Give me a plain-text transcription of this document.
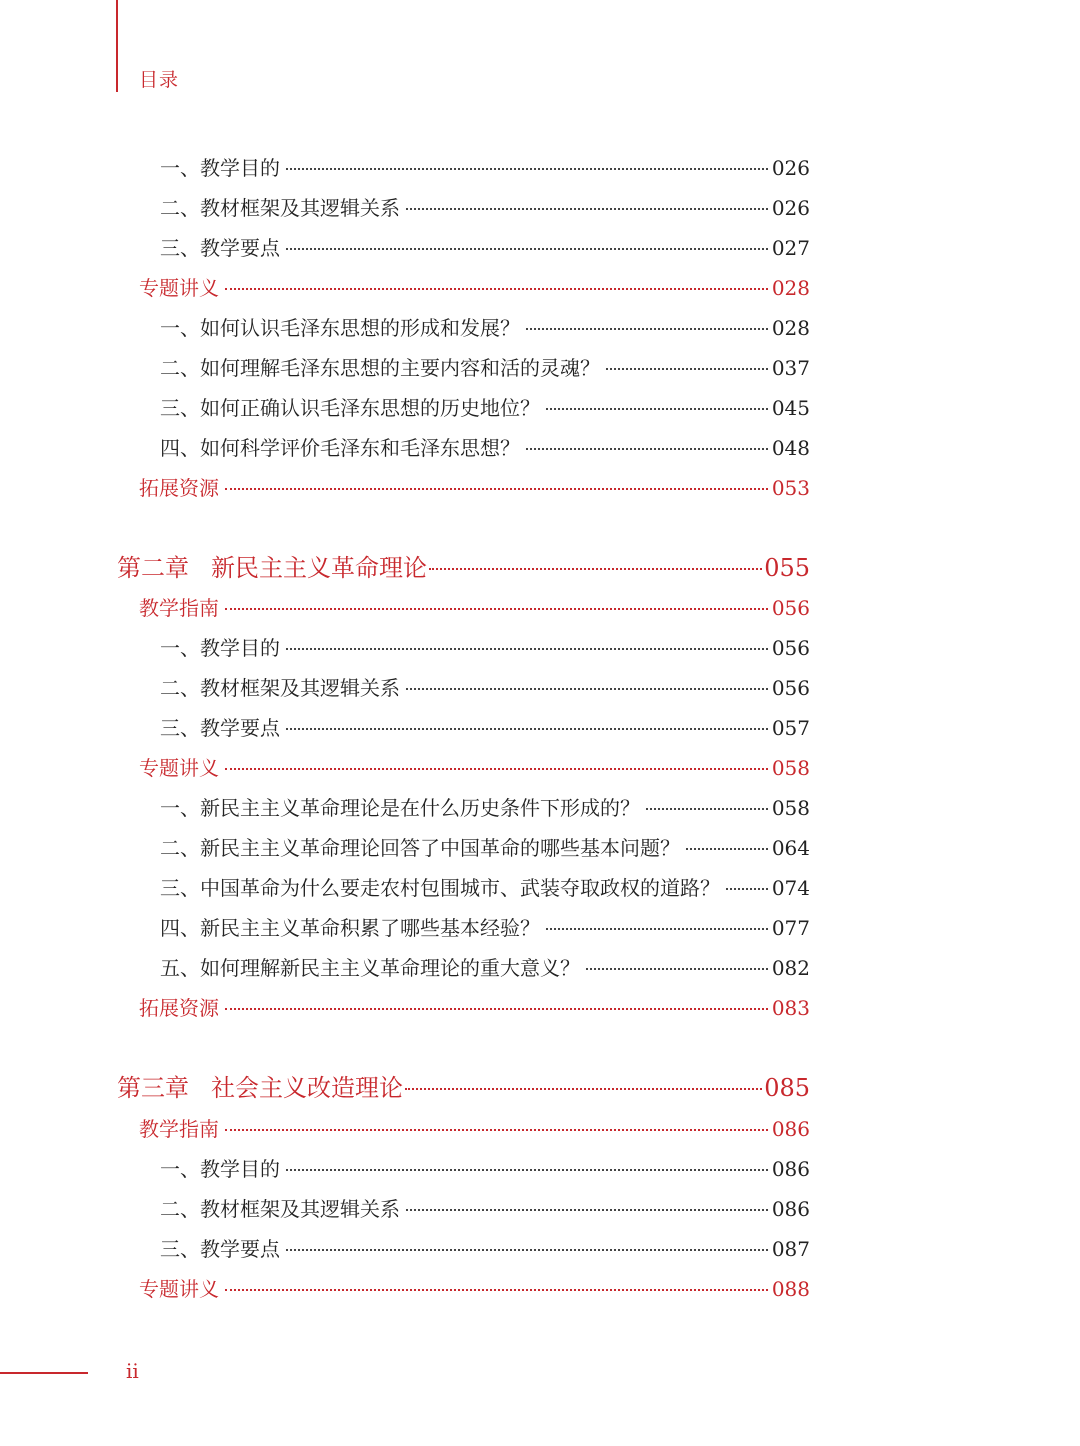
目录
一、教学目的	026
二、教材框架及其逻辑关系	026
三、教学要点	027
专题讲义	028
一、如何认识毛泽东思想的形成和发展？	028
二、如何理解毛泽东思想的主要内容和活的灵魂？	037
三、如何正确认识毛泽东思想的历史地位？	045
四、如何科学评价毛泽东和毛泽东思想？	048
拓展资源	053
第二章 新民主主义革命理论	055
教学指南	056
一、教学目的	056
二、教材框架及其逻辑关系	056
三、教学要点	057
专题讲义	058
一、新民主主义革命理论是在什么历史条件下形成的？	058
二、新民主主义革命理论回答了中国革命的哪些基本问题？	064
三、中国革命为什么要走农村包围城市、武装夺取政权的道路？	074
四、新民主主义革命积累了哪些基本经验？	077
五、如何理解新民主主义革命理论的重大意义？	082
拓展资源	083
第三章 社会主义改造理论	085
教学指南	086
一、教学目的	086
二、教材框架及其逻辑关系	086
三、教学要点	087
专题讲义	088
ii
